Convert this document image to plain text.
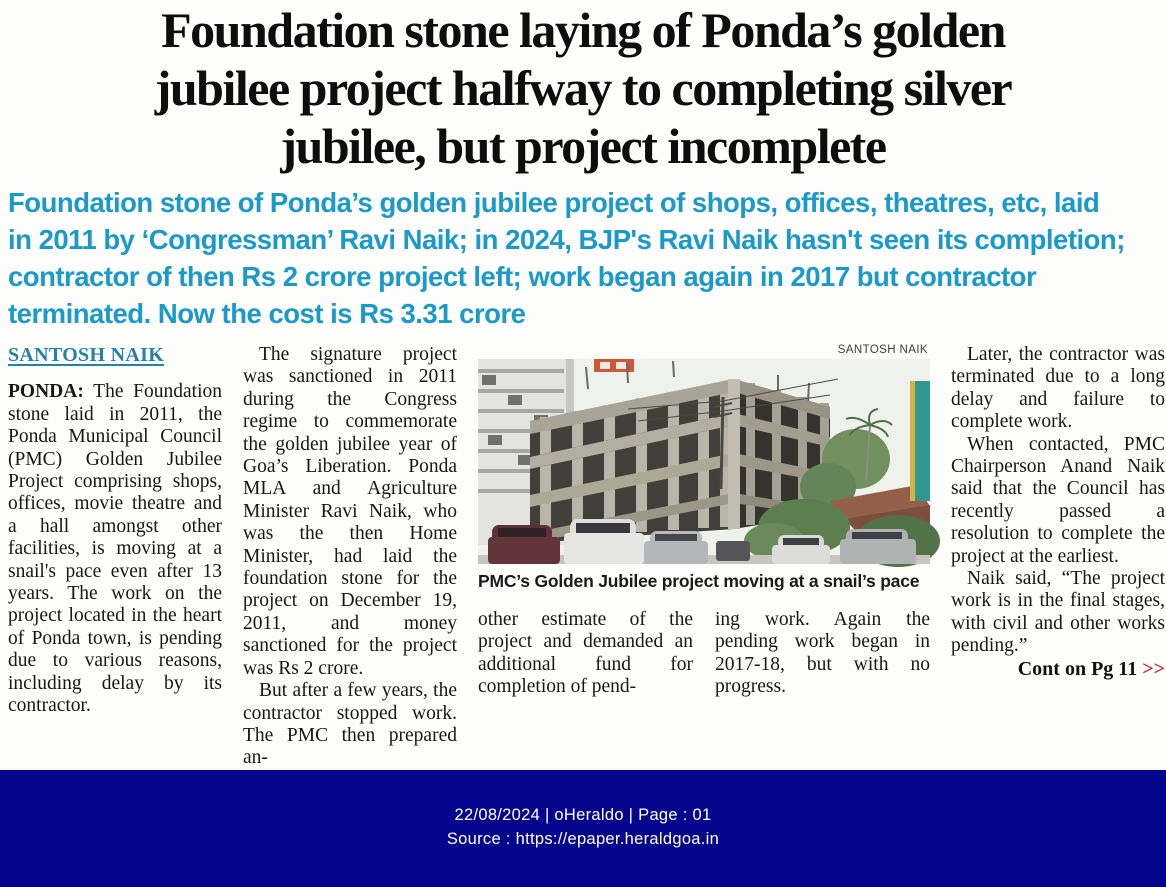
Foundation stone laying of Ponda’s golden
jubilee project halfway to completing silver
jubilee, but project incomplete
Foundation stone of Ponda’s golden jubilee project of shops, offices, theatres, etc, laid
in 2011 by ‘Congressman’ Ravi Naik; in 2024, BJP's Ravi Naik hasn't seen its completion;
contractor of then Rs 2 crore project left; work began again in 2017 but contractor
terminated. Now the cost is Rs 3.31 crore
SANTOSH NAIK

PONDA: The Foundation stone laid in 2011, the Ponda Municipal Council (PMC) Golden Jubilee Project comprising shops, offices, movie theatre and a hall amongst other facilities, is moving at a snail's pace even after 13 years. The work on the project located in the heart of Ponda town, is pending due to various reasons, including delay by its contractor.

The signature project was sanctioned in 2011 during the Congress regime to commemorate the golden jubilee year of Goa’s Liberation. Ponda MLA and Agriculture Minister Ravi Naik, who was the then Home Minister, had laid the foundation stone for the project on December 19, 2011, and money sanctioned for the project was Rs 2 crore.

But after a few years, the contractor stopped work. The PMC then prepared an-

SANTOSH NAIK
PMC’s Golden Jubilee project moving at a snail’s pace

other estimate of the project and demanded an additional fund for completion of pend-

ing work. Again the pending work began in 2017-18, but with no progress.

Later, the contractor was terminated due to a long delay and failure to complete work.

When contacted, PMC Chairperson Anand Naik said that the Council has recently passed a resolution to complete the project at the earliest.

Naik said, “The project work is in the final stages, with civil and other works pending.”

Cont on Pg 11 >>

22/08/2024 | oHeraldo | Page : 01
Source : https://epaper.heraldgoa.in
